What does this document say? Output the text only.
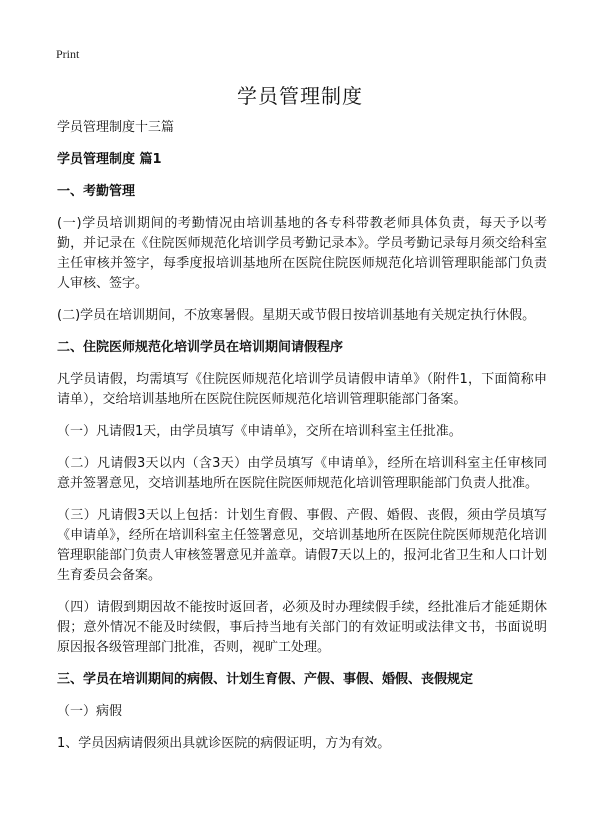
Print
学员管理制度

学员管理制度十三篇

学员管理制度 篇1

一、考勤管理

(一)学员培训期间的考勤情况由培训基地的各专科带教老师具体负责，每天予以考勤，并记录在《住院医师规范化培训学员考勤记录本》。学员考勤记录每月须交给科室主任审核并签字，每季度报培训基地所在医院住院医师规范化培训管理职能部门负责人审核、签字。

(二)学员在培训期间，不放寒暑假。星期天或节假日按培训基地有关规定执行休假。

二、住院医师规范化培训学员在培训期间请假程序

凡学员请假，均需填写《住院医师规范化培训学员请假申请单》（附件1，下面简称申请单），交给培训基地所在医院住院医师规范化培训管理职能部门备案。

（一）凡请假1天，由学员填写《申请单》，交所在培训科室主任批准。

（二）凡请假3天以内（含3天）由学员填写《申请单》，经所在培训科室主任审核同意并签署意见，交培训基地所在医院住院医师规范化培训管理职能部门负责人批准。

（三）凡请假3天以上包括：计划生育假、事假、产假、婚假、丧假，须由学员填写《申请单》，经所在培训科室主任签署意见，交培训基地所在医院住院医师规范化培训管理职能部门负责人审核签署意见并盖章。请假7天以上的，报河北省卫生和人口计划生育委员会备案。

（四）请假到期因故不能按时返回者，必须及时办理续假手续，经批准后才能延期休假；意外情况不能及时续假，事后持当地有关部门的有效证明或法律文书，书面说明原因报各级管理部门批准，否则，视旷工处理。

三、学员在培训期间的病假、计划生育假、产假、事假、婚假、丧假规定

（一）病假

1、学员因病请假须出具就诊医院的病假证明，方为有效。
